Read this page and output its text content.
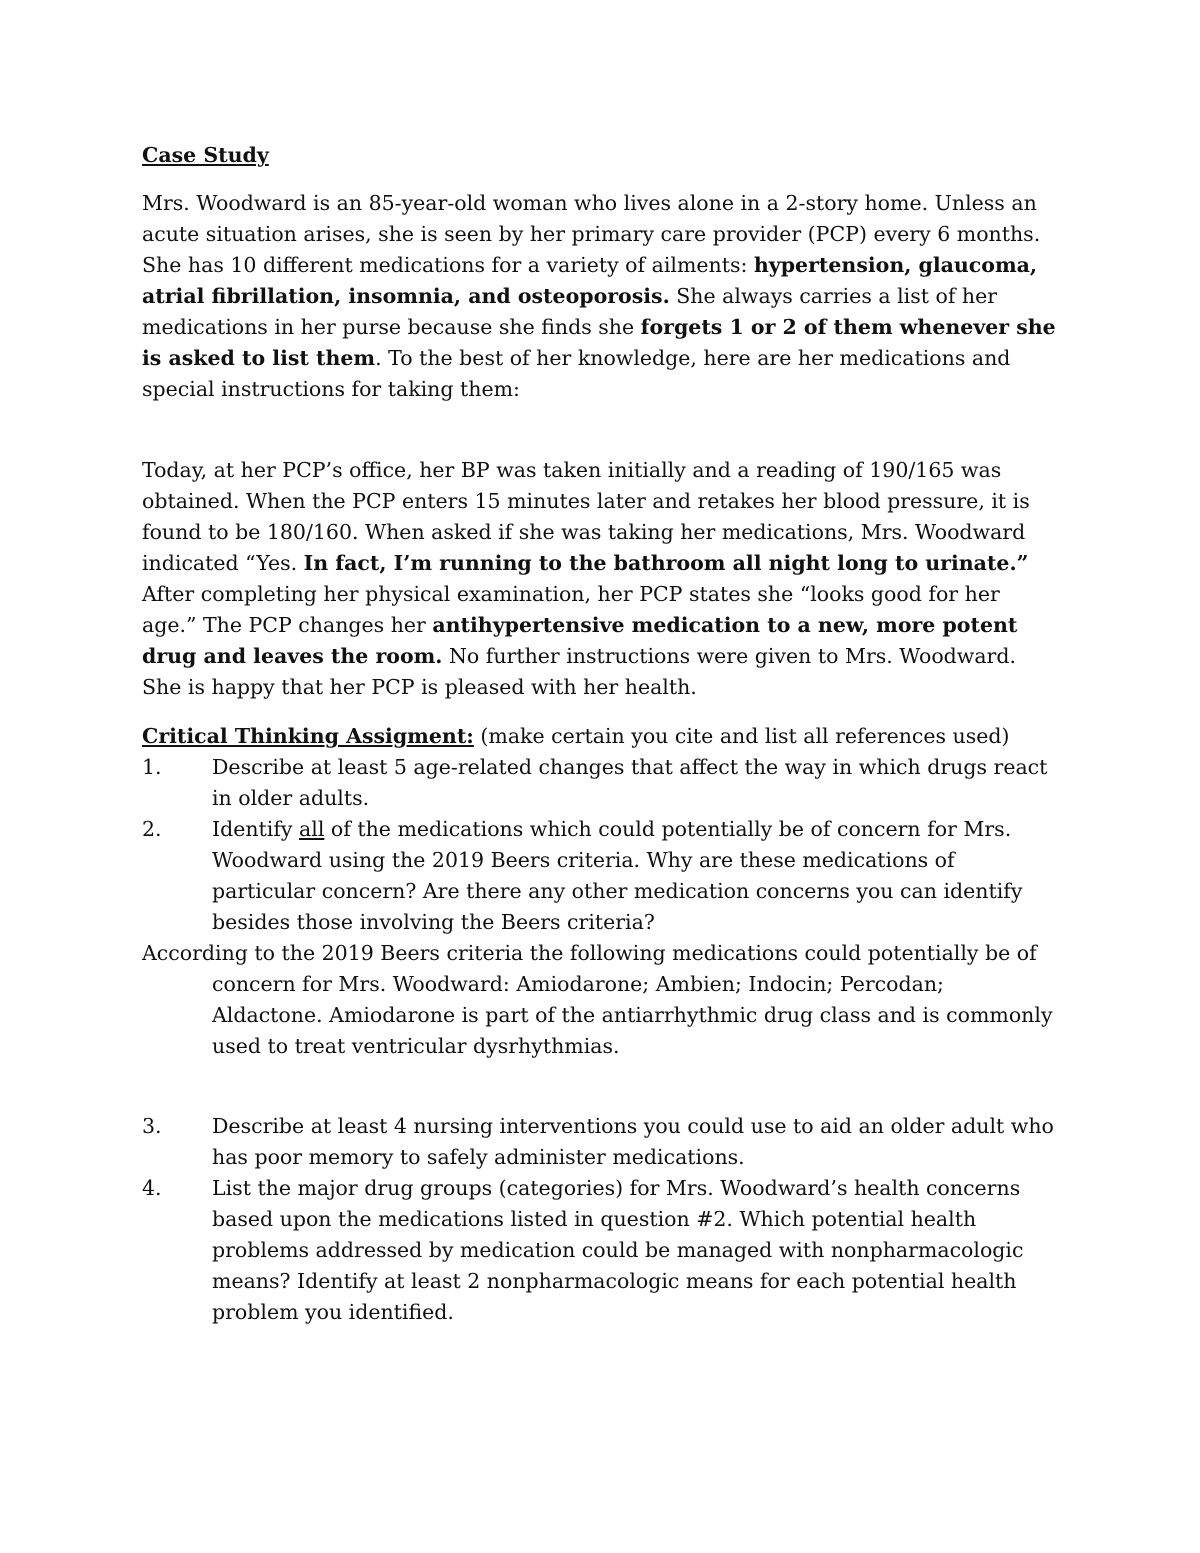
Case Study

Mrs. Woodward is an 85-year-old woman who lives alone in a 2-story home. Unless an acute situation arises, she is seen by her primary care provider (PCP) every 6 months. She has 10 different medications for a variety of ailments: hypertension, glaucoma, atrial fibrillation, insomnia, and osteoporosis. She always carries a list of her medications in her purse because she finds she forgets 1 or 2 of them whenever she is asked to list them. To the best of her knowledge, here are her medications and special instructions for taking them:

Today, at her PCP’s office, her BP was taken initially and a reading of 190/165 was obtained. When the PCP enters 15 minutes later and retakes her blood pressure, it is found to be 180/160. When asked if she was taking her medications, Mrs. Woodward indicated “Yes. In fact, I’m running to the bathroom all night long to urinate.” After completing her physical examination, her PCP states she “looks good for her age.” The PCP changes her antihypertensive medication to a new, more potent drug and leaves the room. No further instructions were given to Mrs. Woodward. She is happy that her PCP is pleased with her health.

Critical Thinking Assigment: (make certain you cite and list all references used)

1.	Describe at least 5 age-related changes that affect the way in which drugs react in older adults.
2.	Identify all of the medications which could potentially be of concern for Mrs. Woodward using the 2019 Beers criteria. Why are these medications of particular concern? Are there any other medication concerns you can identify besides those involving the Beers criteria?

According to the 2019 Beers criteria the following medications could potentially be of concern for Mrs. Woodward: Amiodarone; Ambien; Indocin; Percodan; Aldactone. Amiodarone is part of the antiarrhythmic drug class and is commonly used to treat ventricular dysrhythmias.

3.	Describe at least 4 nursing interventions you could use to aid an older adult who has poor memory to safely administer medications.
4.	List the major drug groups (categories) for Mrs. Woodward’s health concerns based upon the medications listed in question #2. Which potential health problems addressed by medication could be managed with nonpharmacologic means? Identify at least 2 nonpharmacologic means for each potential health problem you identified.
